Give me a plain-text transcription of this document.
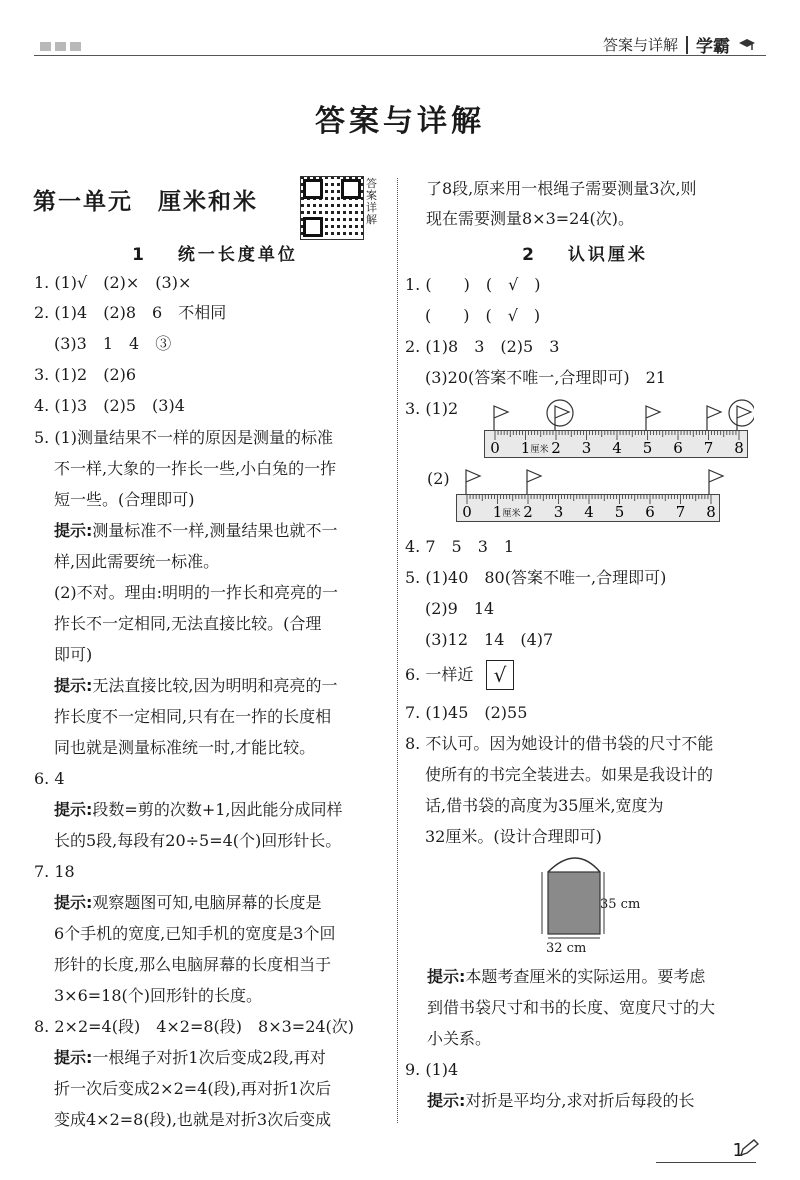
答案与详解 学霸
答案与详解
第一单元　厘米和米
答案详解
1 统一长度单位
1. (1)√　(2)×　(3)×
2. (1)4　(2)8　6　不相同
(3)3　1　4　③
3. (1)2　(2)6
4. (1)3　(2)5　(3)4
5. (1)测量结果不一样的原因是测量的标准
不一样,大象的一拃长一些,小白兔的一拃
短一些。(合理即可)
提示:测量标准不一样,测量结果也就不一
样,因此需要统一标准。
(2)不对。理由:明明的一拃长和亮亮的一
拃长不一定相同,无法直接比较。(合理
即可)
提示:无法直接比较,因为明明和亮亮的一
拃长度不一定相同,只有在一拃的长度相
同也就是测量标准统一时,才能比较。
6. 4
提示:段数=剪的次数+1,因此能分成同样
长的5段,每段有20÷5=4(个)回形针长。
7. 18
提示:观察题图可知,电脑屏幕的长度是
6个手机的宽度,已知手机的宽度是3个回
形针的长度,那么电脑屏幕的长度相当于
3×6=18(个)回形针的长度。
8. 2×2=4(段)　4×2=8(段)　8×3=24(次)
提示:一根绳子对折1次后变成2段,再对
折一次后变成2×2=4(段),再对折1次后
变成4×2=8(段),也就是对折3次后变成
了8段,原来用一根绳子需要测量3次,则
现在需要测量8×3=24(次)。
2 认识厘米
1. (　　)　(　√　)
(　　)　(　√　)
2. (1)8　3　(2)5　3
(3)20(答案不唯一,合理即可)　21
3. (1)2
0 1 厘米 2 3 4 5 6 7 8
(2)
0 1 厘米 2 3 4 5 6 7 8
4. 7　5　3　1
5. (1)40　80(答案不唯一,合理即可)
(2)9　14
(3)12　14　(4)7
6. 一样近	√
7. (1)45　(2)55
8. 不认可。因为她设计的借书袋的尺寸不能
使所有的书完全装进去。如果是我设计的
话,借书袋的高度为35厘米,宽度为
32厘米。(设计合理即可)
35 cm
32 cm
提示:本题考查厘米的实际运用。要考虑
到借书袋尺寸和书的长度、宽度尺寸的大
小关系。
9. (1)4
提示:对折是平均分,求对折后每段的长
1
